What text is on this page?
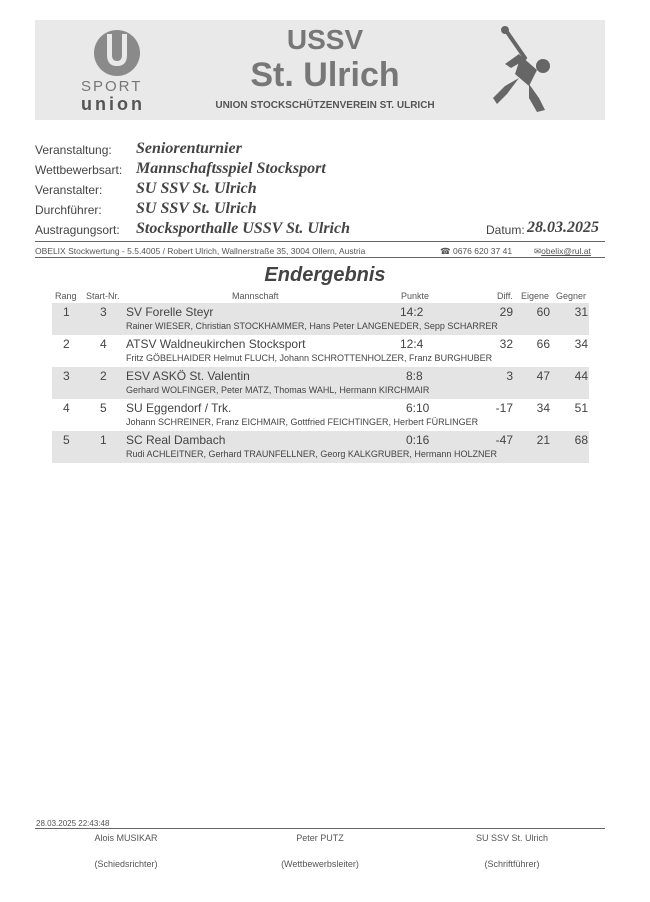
SPORT
union
USSV
St. Ulrich
UNION STOCKSCHÜTZENVEREIN ST. ULRICH
Veranstaltung: Seniorenturnier
Wettbewerbsart: Mannschaftsspiel Stocksport
Veranstalter: SU SSV St. Ulrich
Durchführer: SU SSV St. Ulrich
Austragungsort: Stocksporthalle USSV St. Ulrich	Datum: 28.03.2025
OBELIX Stockwertung - 5.5.4005 / Robert Ulrich, Wallnerstraße 35, 3004 Ollern, Austria	☎ 0676 620 37 41	✉obelix@rul.at
Endergebnis
Rang Start-Nr.	Mannschaft	Punkte	Diff. Eigene Gegner
1	3 SV Forelle Steyr	14:2	29	60	31
Rainer WIESER, Christian STOCKHAMMER, Hans Peter LANGENEDER, Sepp SCHARRER
2	4 ATSV Waldneukirchen Stocksport	12:4	32	66	34
Fritz GÖBELHAIDER Helmut FLUCH, Johann SCHROTTENHOLZER, Franz BURGHUBER
3	2 ESV ASKÖ St. Valentin	8:8	3	47	44
Gerhard WOLFINGER, Peter MATZ, Thomas WAHL, Hermann KIRCHMAIR
4	5 SU Eggendorf / Trk.	6:10	-17	34	51
Johann SCHREINER, Franz EICHMAIR, Gottfried FEICHTINGER, Herbert FÜRLINGER
5	1 SC Real Dambach	0:16	-47	21	68
Rudi ACHLEITNER, Gerhard TRAUNFELLNER, Georg KALKGRUBER, Hermann HOLZNER
28.03.2025 22:43:48
Alois MUSIKAR
(Schiedsrichter)
Peter PUTZ
(Wettbewerbsleiter)
SU SSV St. Ulrich
(Schriftführer)
